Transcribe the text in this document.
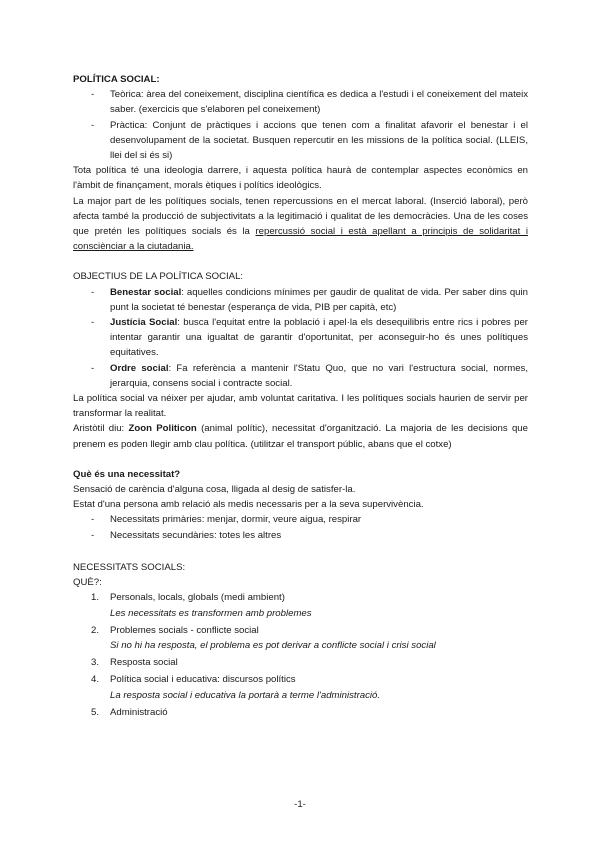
POLÍTICA SOCIAL:

- Teòrica: àrea del coneixement, disciplina científica es dedica a l'estudi i el coneixement del mateix saber. (exercicis que s'elaboren pel coneixement)
- Pràctica: Conjunt de pràctiques i accions que tenen com a finalitat afavorir el benestar i el desenvolupament de la societat. Busquen repercutir en les missions de la política social. (LLEIS, llei del si és si)

Tota política té una ideologia darrere, i aquesta política haurà de contemplar aspectes econòmics en l'àmbit de finançament, morals ètiques i polítics ideològics.

La major part de les polítiques socials, tenen repercussions en el mercat laboral. (Inserció laboral), però afecta també la producció de subjectivitats a la legitimació i qualitat de les democràcies. Una de les coses que pretén les polítiques socials és la repercussió social i està apellant a principis de solidaritat i consciènciar a la ciutadania.

OBJECTIUS DE LA POLÍTICA SOCIAL:

- Benestar social: aquelles condicions mínimes per gaudir de qualitat de vida. Per saber dins quin punt la societat té benestar (esperança de vida, PIB per capità, etc)
- Justícia Social: busca l'equitat entre la població i apel·la els desequilibris entre rics i pobres per intentar garantir una igualtat de garantir d'oportunitat, per aconseguir-ho és unes polítiques equitatives.
- Ordre social: Fa referència a mantenir l'Statu Quo, que no vari l'estructura social, normes, jerarquia, consens social i contracte social.

La política social va néixer per ajudar, amb voluntat caritativa. I les polítiques socials haurien de servir per transformar la realitat.

Aristòtil diu: Zoon Politicon (animal polític), necessitat d'organització. La majoria de les decisions que prenem es poden llegir amb clau política. (utilitzar el transport públic, abans que el cotxe)

Què és una necessitat?

Sensació de carència d'alguna cosa, lligada al desig de satisfer-la.

Estat d'una persona amb relació als medis necessaris per a la seva supervivència.

- Necessitats primàries: menjar, dormir, veure aigua, respirar
- Necessitats secundàries: totes les altres

NECESSITATS SOCIALS:

QUÈ?:

1. Personals, locals, globals (medi ambient)
Les necessitats es transformen amb problemes
2. Problemes socials - conflicte social
Si no hi ha resposta, el problema es pot derivar a conflicte social i crisi social
3. Resposta social
4. Política social i educativa: discursos polítics
La resposta social i educativa la portarà a terme l'administració.
5. Administració
-1-
